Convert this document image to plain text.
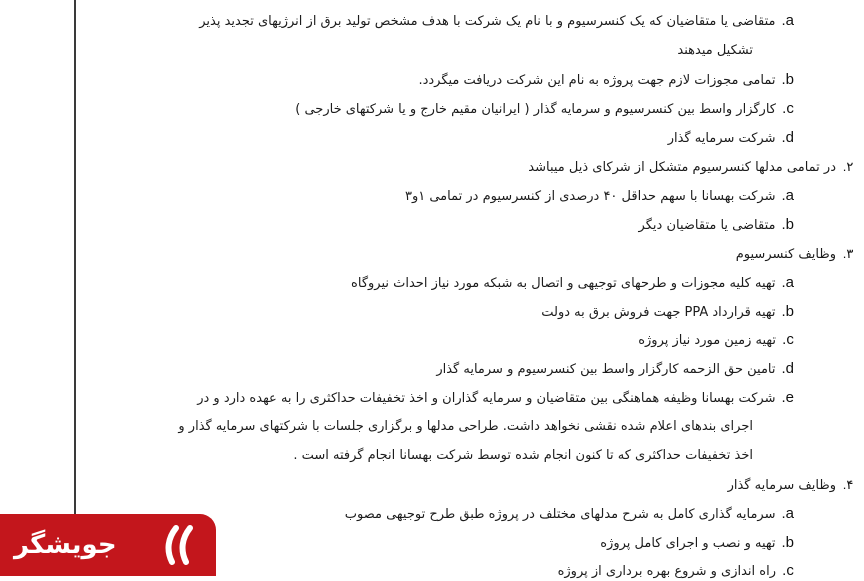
a.متقاضی یا متقاضیان که یک کنسرسیوم و با نام یک شرکت با هدف مشخص تولید برق از انرژیهای تجدید پذیر
تشکیل میدهند
b.تمامی مجوزات لازم جهت پروژه به نام این شرکت دریافت میگردد.
c.کارگزار واسط بین کنسرسیوم و سرمایه گذار ( ایرانیان مقیم خارج و یا شرکتهای خارجی )
d.شرکت سرمایه گذار
۲.در تمامی مدلها کنسرسیوم متشکل از شرکای ذیل میباشد
a.شرکت بهسانا با سهم حداقل ۴۰ درصدی از کنسرسیوم در تمامی ۱و۳
b.متقاضی یا متقاضیان دیگر
۳.وظایف کنسرسیوم
a.تهیه کلیه مجوزات و طرحهای توجیهی و اتصال به شبکه مورد نیاز احداث نیروگاه
b.تهیه قرارداد PPA جهت فروش برق به دولت
c.تهیه زمین مورد نیاز پروژه
d.تامین حق الزحمه کارگزار واسط بین کنسرسیوم و سرمایه گذار
e.شرکت بهسانا وظیفه هماهنگی بین متقاضیان و سرمایه گذاران و اخذ تخفیفات حداکثری را به عهده دارد و در
اجرای بندهای اعلام شده نقشی نخواهد داشت. طراحی مدلها و برگزاری جلسات با شرکتهای سرمایه گذار و
اخذ تخفیفات حداکثری که تا کنون انجام شده توسط شرکت بهسانا انجام گرفته است .
۴.وظایف سرمایه گذار
a.سرمایه گذاری کامل به شرح مدلهای مختلف در پروژه طبق طرح توجیهی مصوب
b.تهیه و نصب و اجرای کامل پروژه
c.راه اندازی و شروع بهره برداری از پروژه
جویشگر
